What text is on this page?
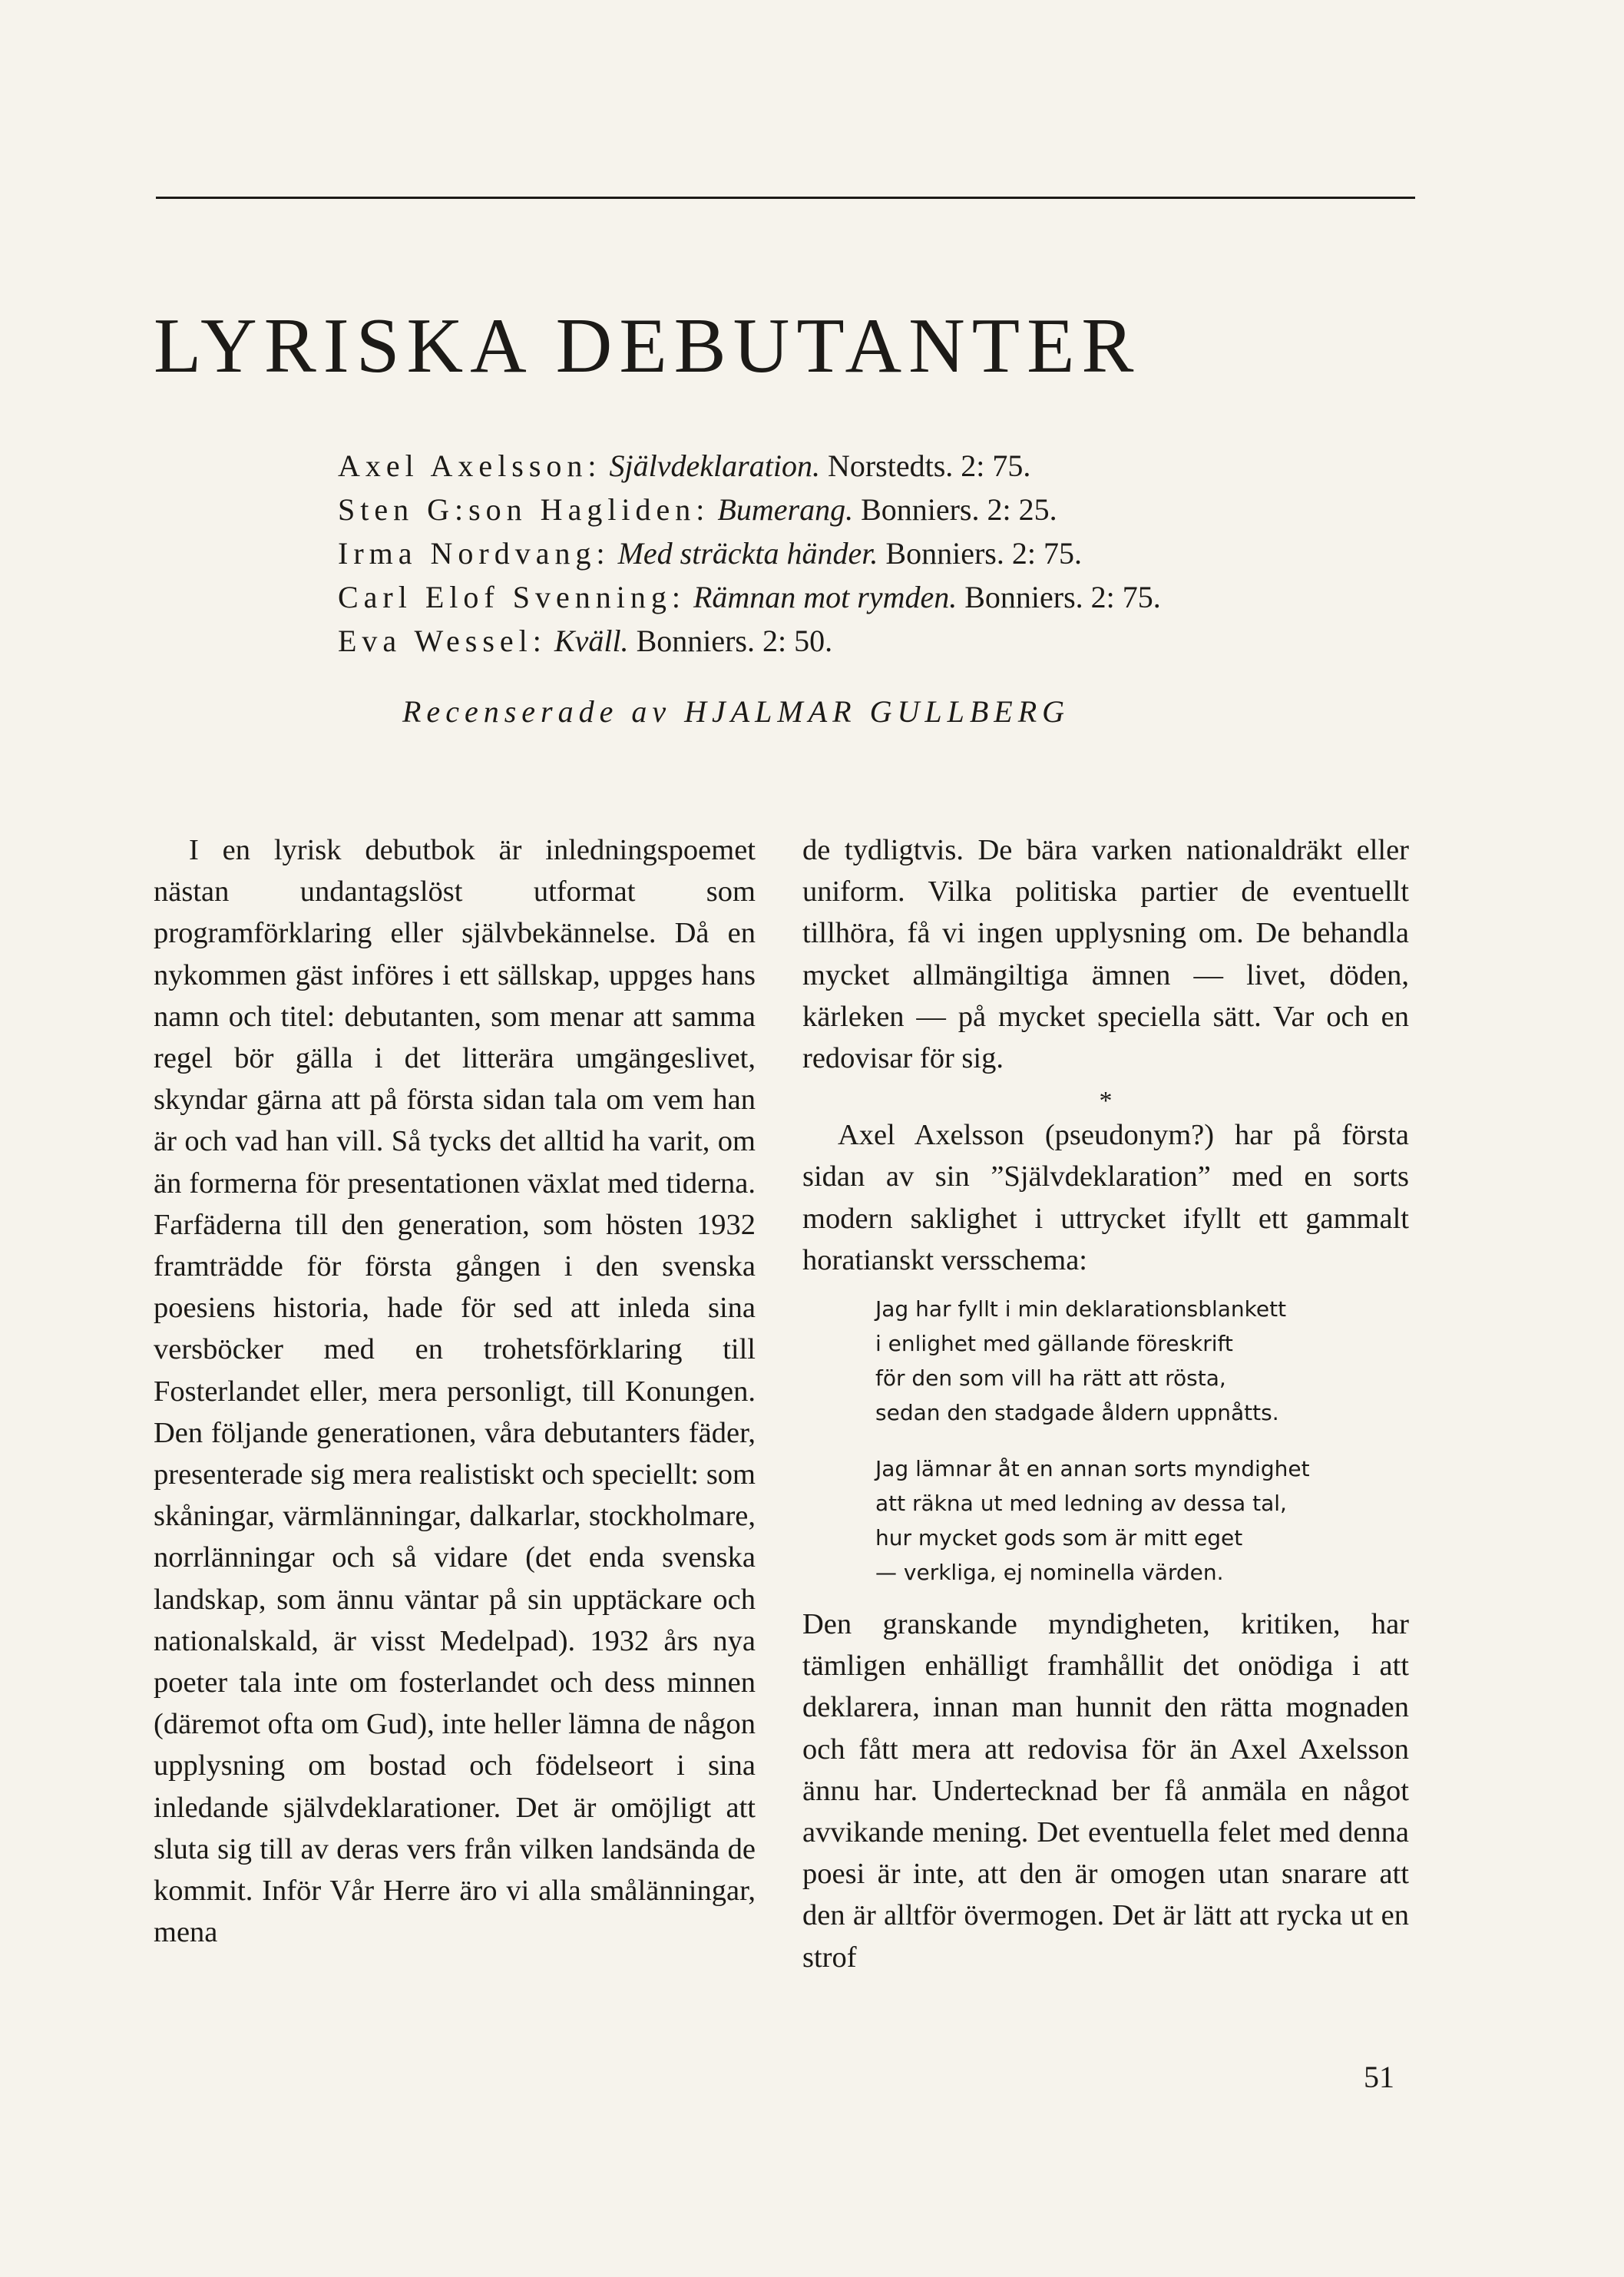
LYRISKA DEBUTANTER
Axel Axelsson: Självdeklaration. Norstedts. 2: 75.
Sten G:son Hagliden: Bumerang. Bonniers. 2: 25.
Irma Nordvang: Med sträckta händer. Bonniers. 2: 75.
Carl Elof Svenning: Rämnan mot rymden. Bonniers. 2: 75.
Eva Wessel: Kväll. Bonniers. 2: 50.
Recenserade av HJALMAR GULLBERG

I en lyrisk debutbok är inledningspoemet nästan undantagslöst utformat som programförklaring eller självbekännelse. Då en nykommen gäst införes i ett sällskap, uppges hans namn och titel: debutanten, som menar att samma regel bör gälla i det litterära umgängeslivet, skyndar gärna att på första sidan tala om vem han är och vad han vill. Så tycks det alltid ha varit, om än formerna för presentationen växlat med tiderna. Farfäderna till den generation, som hösten 1932 framträdde för första gången i den svenska poesiens historia, hade för sed att inleda sina versböcker med en trohetsförklaring till Fosterlandet eller, mera personligt, till Konungen. Den följande generationen, våra debutanters fäder, presenterade sig mera realistiskt och speciellt: som skåningar, värmlänningar, dalkarlar, stockholmare, norrlänningar och så vidare (det enda svenska landskap, som ännu väntar på sin upptäckare och nationalskald, är visst Medelpad). 1932 års nya poeter tala inte om fosterlandet och dess minnen (däremot ofta om Gud), inte heller lämna de någon upplysning om bostad och födelseort i sina inledande självdeklarationer. Det är omöjligt att sluta sig till av deras vers från vilken landsända de kommit. Inför Vår Herre äro vi alla smålänningar, mena

de tydligtvis. De bära varken nationaldräkt eller uniform. Vilka politiska partier de eventuellt tillhöra, få vi ingen upplysning om. De behandla mycket allmängiltiga ämnen — livet, döden, kärleken — på mycket speciella sätt. Var och en redovisar för sig.

*

Axel Axelsson (pseudonym?) har på första sidan av sin ”Självdeklaration” med en sorts modern saklighet i uttrycket ifyllt ett gammalt horatianskt versschema:

Jag har fyllt i min deklarationsblankett
i enlighet med gällande föreskrift
för den som vill ha rätt att rösta,
sedan den stadgade åldern uppnåtts.
Jag lämnar åt en annan sorts myndighet
att räkna ut med ledning av dessa tal,
hur mycket gods som är mitt eget
— verkliga, ej nominella värden.

Den granskande myndigheten, kritiken, har tämligen enhälligt framhållit det onödiga i att deklarera, innan man hunnit den rätta mognaden och fått mera att redovisa för än Axel Axelsson ännu har. Undertecknad ber få anmäla en något avvikande mening. Det eventuella felet med denna poesi är inte, att den är omogen utan snarare att den är alltför övermogen. Det är lätt att rycka ut en strof

51
